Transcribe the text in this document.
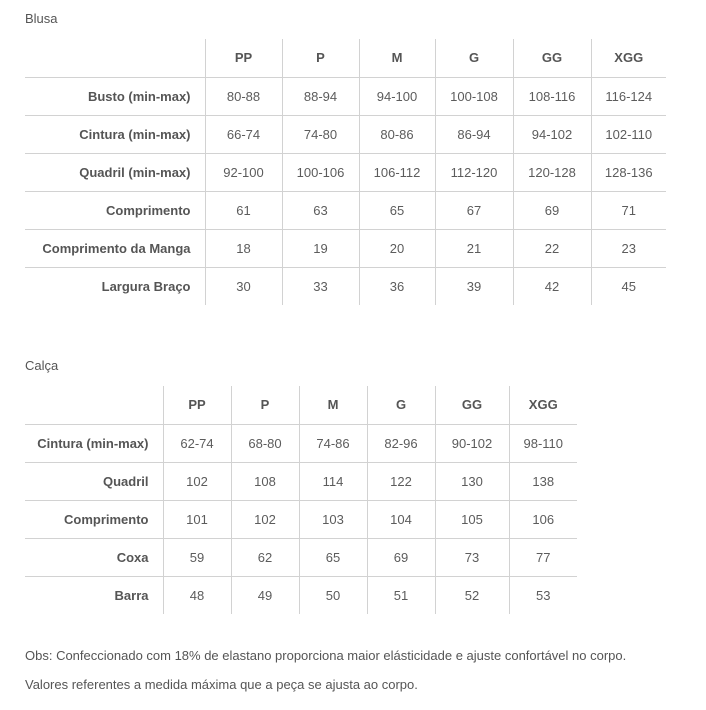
Blusa
	PP	P	M	G	GG	XGG
Busto (min-max)	80-88	88-94	94-100	100-108	108-116	116-124
Cintura (min-max)	66-74	74-80	80-86	86-94	94-102	102-110
Quadril (min-max)	92-100	100-106	106-112	112-120	120-128	128-136
Comprimento	61	63	65	67	69	71
Comprimento da Manga	18	19	20	21	22	23
Largura Braço	30	33	36	39	42	45
Calça
	PP	P	M	G	GG	XGG
Cintura (min-max)	62-74	68-80	74-86	82-96	90-102	98-110
Quadril	102	108	114	122	130	138
Comprimento	101	102	103	104	105	106
Coxa	59	62	65	69	73	77
Barra	48	49	50	51	52	53
Obs: Confeccionado com 18% de elastano proporciona maior elásticidade e ajuste confortável no corpo.
Valores referentes a medida máxima que a peça se ajusta ao corpo.
